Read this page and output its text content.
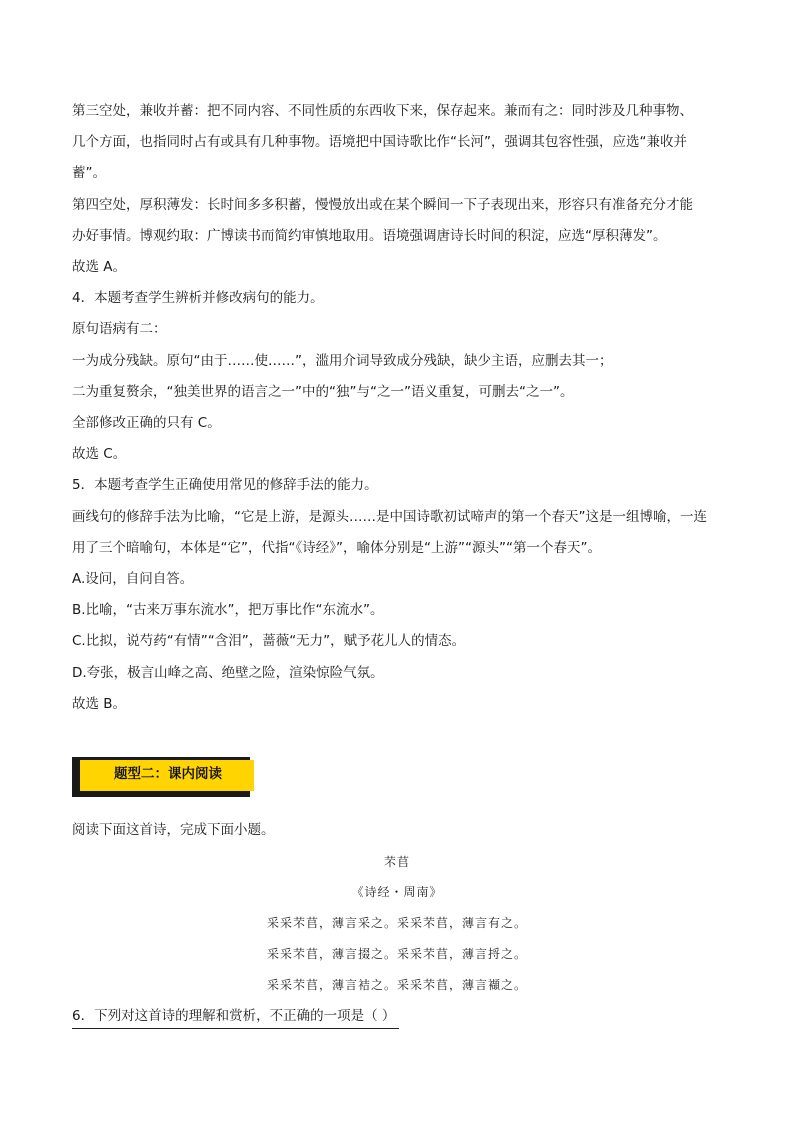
第三空处，兼收并蓄：把不同内容、不同性质的东西收下来，保存起来。兼而有之：同时涉及几种事物、

几个方面，也指同时占有或具有几种事物。语境把中国诗歌比作“长河”，强调其包容性强，应选“兼收并

蓄”。

第四空处，厚积薄发：长时间多多积蓄，慢慢放出或在某个瞬间一下子表现出来，形容只有准备充分才能

办好事情。博观约取：广博读书而简约审慎地取用。语境强调唐诗长时间的积淀，应选“厚积薄发”。

故选 A。

4．本题考查学生辨析并修改病句的能力。

原句语病有二：

一为成分残缺。原句“由于……使……”，滥用介词导致成分残缺，缺少主语，应删去其一；

二为重复赘余，“独美世界的语言之一”中的“独”与“之一”语义重复，可删去“之一”。

全部修改正确的只有 C。

故选 C。

5．本题考查学生正确使用常见的修辞手法的能力。

画线句的修辞手法为比喻，“它是上游，是源头……是中国诗歌初试啼声的第一个春天”这是一组博喻，一连

用了三个暗喻句，本体是“它”，代指“《诗经》”，喻体分别是“上游”“源头”“第一个春天”。

A.设问，自问自答。

B.比喻，“古来万事东流水”，把万事比作“东流水”。

C.比拟，说芍药“有情”“含泪”，蔷薇“无力”，赋予花儿人的情态。

D.夸张，极言山峰之高、绝壁之险，渲染惊险气氛。

故选 B。

题型二：课内阅读

阅读下面这首诗，完成下面小题。

芣苢

《诗经・周南》

采采芣苢，薄言采之。采采芣苢，薄言有之。

采采芣苢，薄言掇之。采采芣苢，薄言捋之。

采采芣苢，薄言袺之。采采芣苢，薄言襭之。

6．下列对这首诗的理解和赏析，不正确的一项是（ ）
